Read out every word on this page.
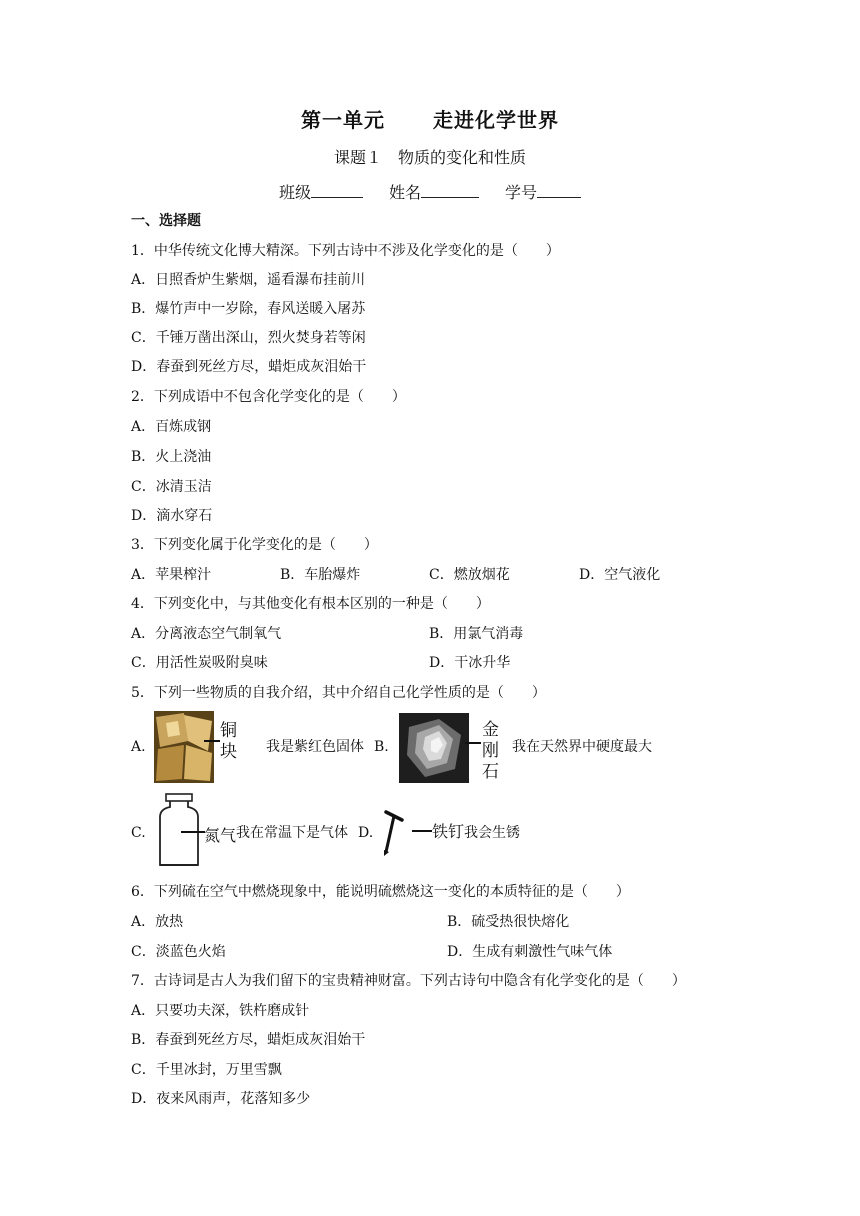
第一单元 走进化学世界
课题１　物质的变化和性质
班级	姓名	学号
一、选择题
1．中华传统文化博大精深。下列古诗中不涉及化学变化的是（　　）
A．日照香炉生紫烟，遥看瀑布挂前川
B．爆竹声中一岁除，春风送暖入屠苏
C．千锤万凿出深山，烈火焚身若等闲
D．春蚕到死丝方尽，蜡炬成灰泪始干
2．下列成语中不包含化学变化的是（　　）
A．百炼成钢
B．火上浇油
C．冰清玉洁
D．滴水穿石
3．下列变化属于化学变化的是（　　）
A．苹果榨汁	B．车胎爆炸	C．燃放烟花	D．空气液化
4．下列变化中，与其他变化有根本区别的一种是（　　）
A．分离液态空气制氧气	B．用氯气消毒
C．用活性炭吸附臭味	D．干冰升华
5．下列一些物质的自我介绍，其中介绍自己化学性质的是（　　）
A.
铜
块 我是紫红色固体 B.
金
刚
石
我在天然界中硬度最大
C.	氮气 我在常温下是气体 D.	铁钉 我会生锈
6．下列硫在空气中燃烧现象中，能说明硫燃烧这一变化的本质特征的是（　　）
A．放热	B．硫受热很快熔化
C．淡蓝色火焰	D．生成有刺激性气味气体
7．古诗词是古人为我们留下的宝贵精神财富。下列古诗句中隐含有化学变化的是（　　）
A．只要功夫深，铁杵磨成针
B．春蚕到死丝方尽，蜡炬成灰泪始干
C．千里冰封，万里雪飘
D．夜来风雨声，花落知多少
